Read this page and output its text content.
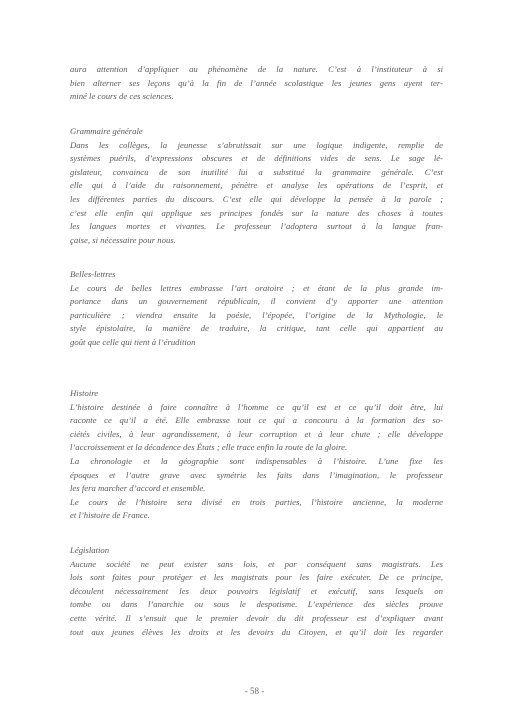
aura attention d’appliquer au phénomène de la nature. C’est à l’instituteur à si
bien alterner ses leçons qu’à la fin de l’année scolastique les jeunes gens ayent ter-
miné le cours de ces sciences.
Grammaire générale
Dans les collèges, la jeunesse s’abrutissait sur une logique indigente, remplie de
systèmes puérils, d’expressions obscures et de définitions vides de sens. Le sage lé-
gislateur, convaincu de son inutilité lui a substitué la grammaire générale. C’est
elle qui à l’aide du raisonnement, pénètre et analyse les opérations de l’esprit, et
les différentes parties du discours. C’est elle qui développe la pensée à la parole ;
c’est elle enfin qui applique ses principes fondés sur la nature des choses à toutes
les langues mortes et vivantes. Le professeur l’adoptera surtout à la langue fran-
çaise, si nécessaire pour nous.
Belles-lettres
Le cours de belles lettres embrasse l’art oratoire ; et étant de la plus grande im-
portance dans un gouvernement républicain, il convient d’y apporter une attention
particulière ; viendra ensuite la poésie, l’épopée, l’origine de la Mythologie, le
style épistolaire, la manière de traduire, la critique, tant celle qui appartient au
goût que celle qui tient à l’érudition
Histoire
L’histoire destinée à faire connaître à l’homme ce qu’il est et ce qu’il doit être, lui
raconte ce qu’il a été. Elle embrasse tout ce qui a concouru à la formation des so-
ciétés civiles, à leur agrandissement, à leur corruption et à leur chute ; elle développe
l’accroissement et la décadence des États ; elle trace enfin la route de la gloire.
La chronologie et la géographie sont indispensables à l’histoire. L’une fixe les
époques et l’autre grave avec symétrie les faits dans l’imagination, le professeur
les fera marcher d’accord et ensemble.
Le cours de l’histoire sera divisé en trois parties, l’histoire ancienne, la moderne
et l’histoire de France.
Législation
Aucune société ne peut exister sans lois, et par conséquent sans magistrats. Les
lois sont faites pour protéger et les magistrats pour les faire exécuter. De ce principe,
découlent nécessairement les deux pouvoirs législatif et exécutif, sans lesquels on
tombe ou dans l’anarchie ou sous le despotisme. L’expérience des siècles prouve
cette vérité. Il s’ensuit que le premier devoir du dit professeur est d’expliquer avant
tout aux jeunes élèves les droits et les devoirs du Citoyen, et qu’il doit les regarder
- 58 -
